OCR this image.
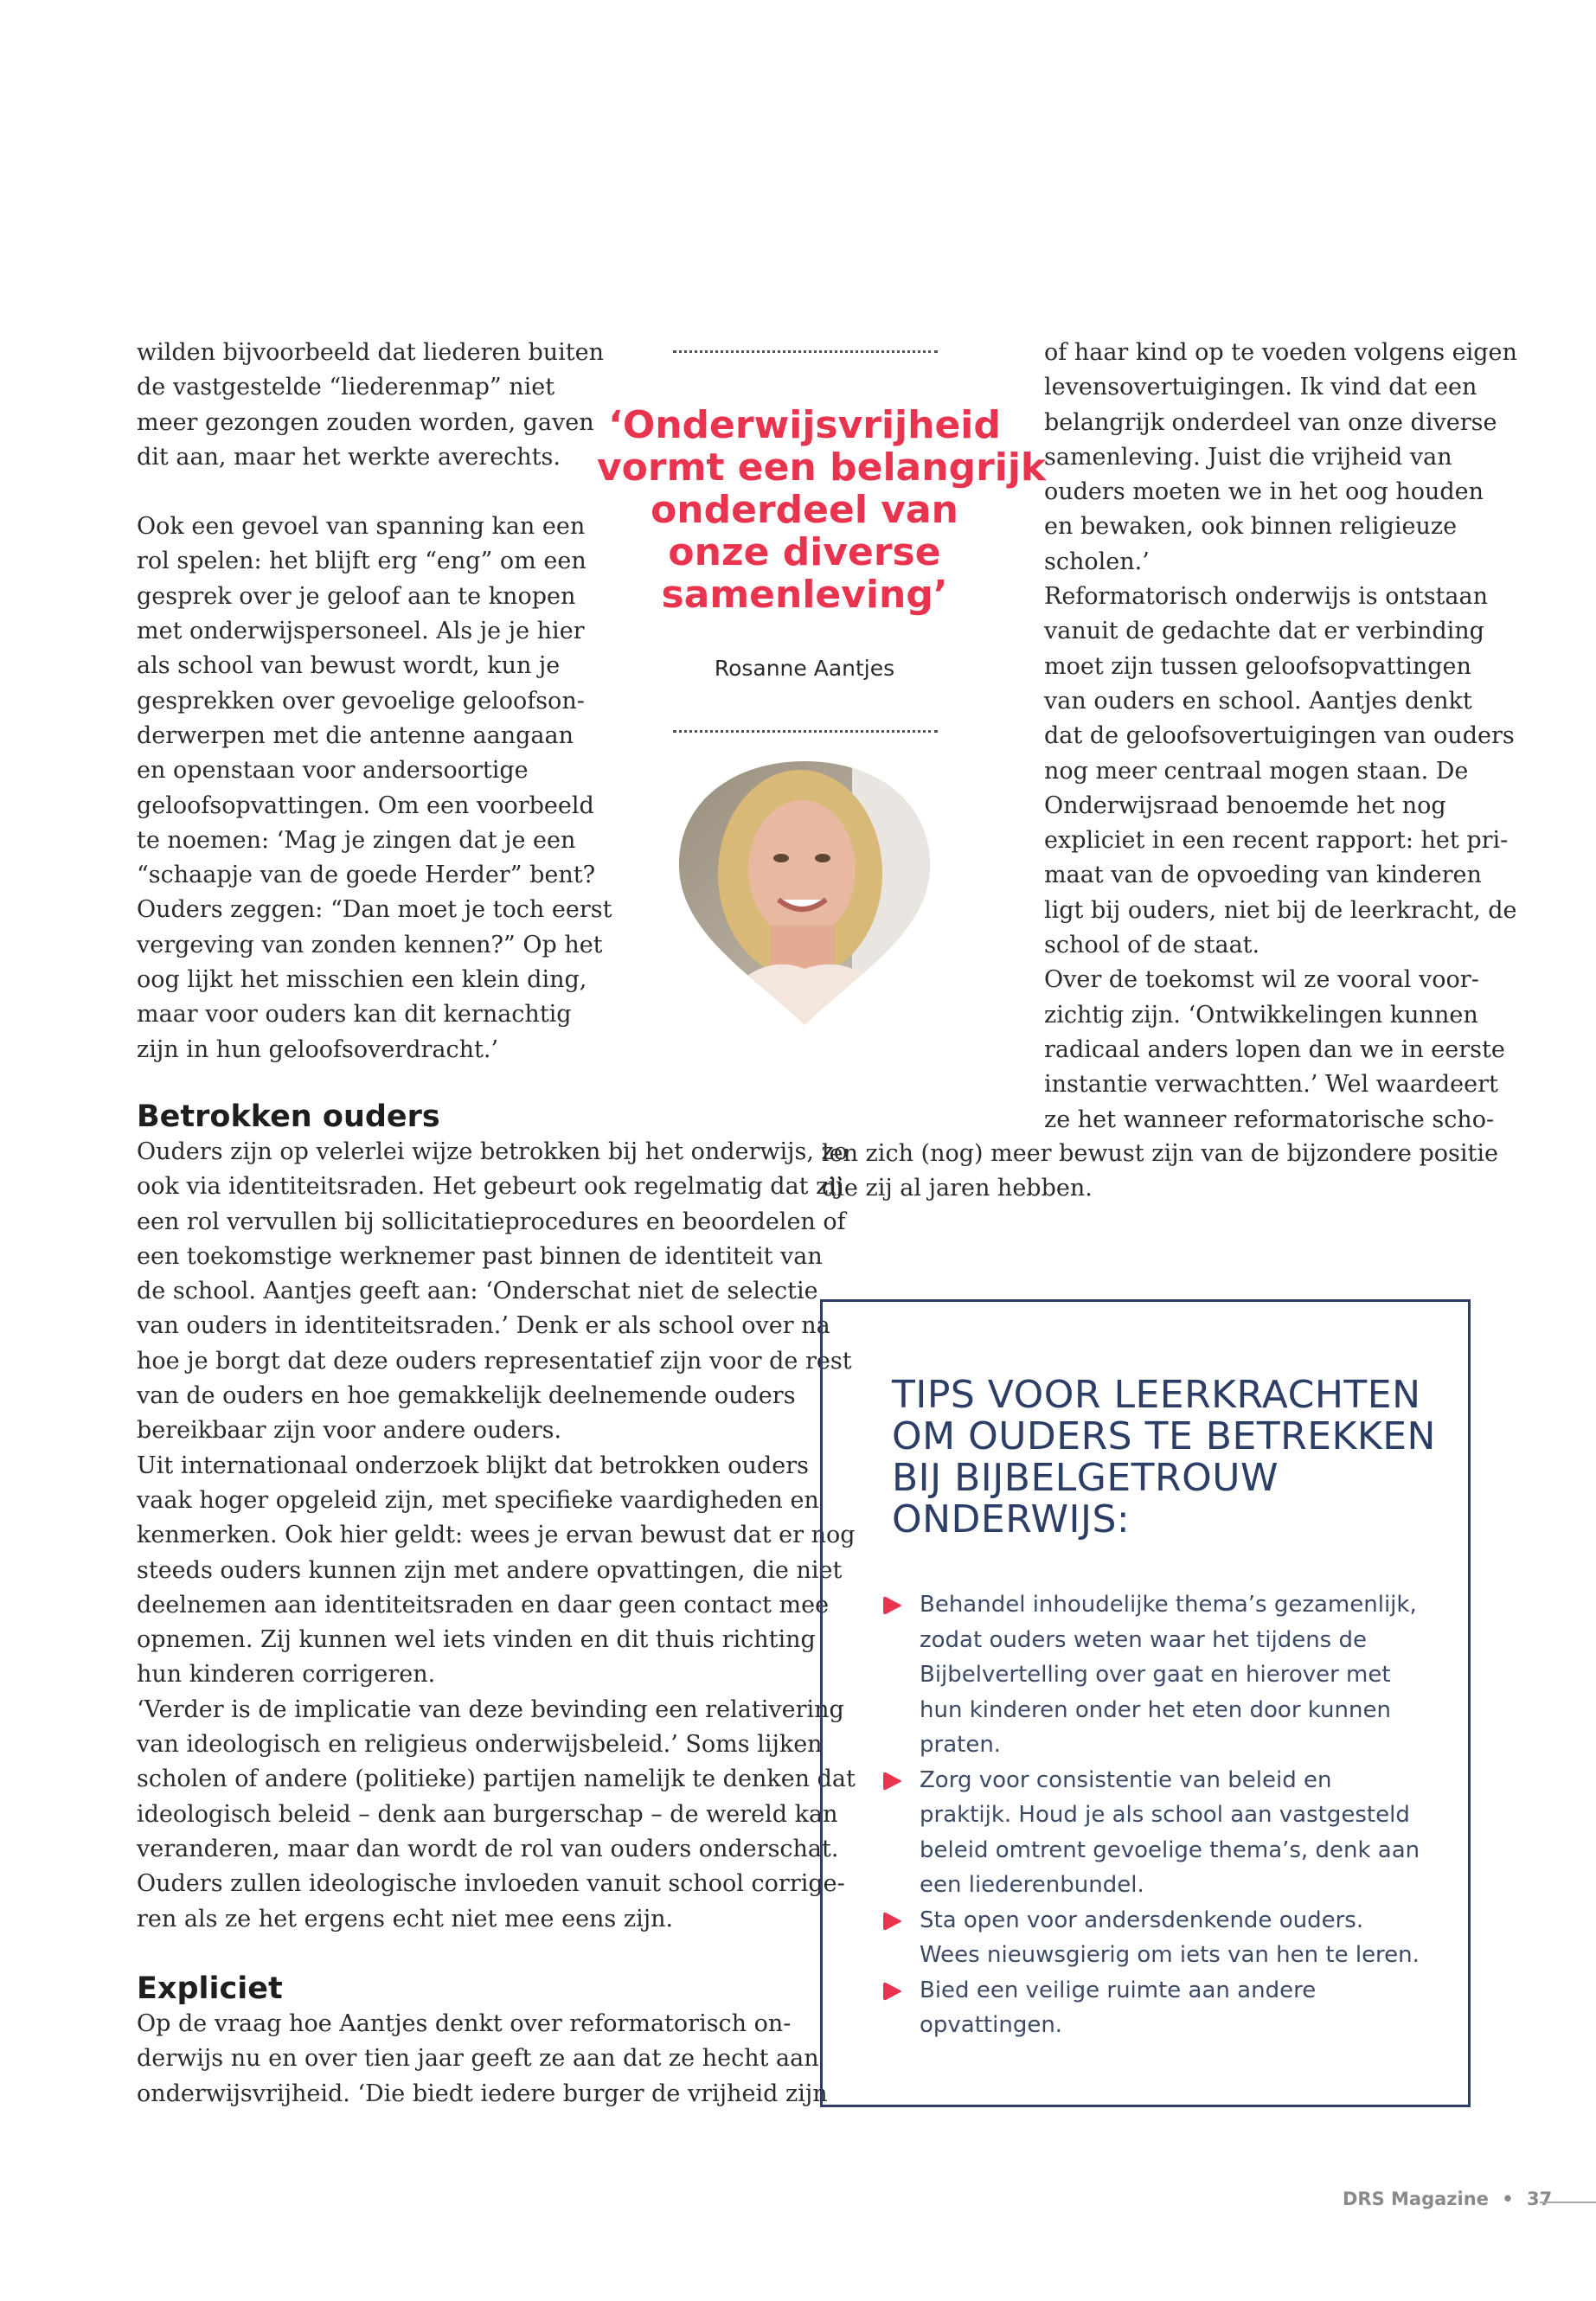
wilden bijvoorbeeld dat liederen buiten
de vastgestelde “liederenmap” niet
meer gezongen zouden worden, gaven
dit aan, maar het werkte averechts.
Ook een gevoel van spanning kan een
rol spelen: het blijft erg “eng” om een
gesprek over je geloof aan te knopen
met onderwijspersoneel. Als je je hier
als school van bewust wordt, kun je
gesprekken over gevoelige geloofson-
derwerpen met die antenne aangaan
en openstaan voor andersoortige
geloofsopvattingen. Om een voorbeeld
te noemen: ‘Mag je zingen dat je een
“schaapje van de goede Herder” bent?
Ouders zeggen: “Dan moet je toch eerst
vergeving van zonden kennen?” Op het
oog lijkt het misschien een klein ding,
maar voor ouders kan dit kernachtig
zijn in hun geloofsoverdracht.’
‘Onderwijsvrijheid
vormt een belangrijk
onderdeel van
onze diverse
samenleving’
Rosanne Aantjes
of haar kind op te voeden volgens eigen
levensovertuigingen. Ik vind dat een
belangrijk onderdeel van onze diverse
samenleving. Juist die vrijheid van
ouders moeten we in het oog houden
en bewaken, ook binnen religieuze
scholen.’
Reformatorisch onderwijs is ontstaan
vanuit de gedachte dat er verbinding
moet zijn tussen geloofsopvattingen
van ouders en school. Aantjes denkt
dat de geloofsovertuigingen van ouders
nog meer centraal mogen staan. De
Onderwijsraad benoemde het nog
expliciet in een recent rapport: het pri-
maat van de opvoeding van kinderen
ligt bij ouders, niet bij de leerkracht, de
school of de staat.
Over de toekomst wil ze vooral voor-
zichtig zijn. ‘Ontwikkelingen kunnen
radicaal anders lopen dan we in eerste
instantie verwachtten.’ Wel waardeert
ze het wanneer reformatorische scho-
len zich (nog) meer bewust zijn van de bijzondere positie
die zij al jaren hebben.
Betrokken ouders
Ouders zijn op velerlei wijze betrokken bij het onderwijs, zo
ook via identiteitsraden. Het gebeurt ook regelmatig dat zij
een rol vervullen bij sollicitatieprocedures en beoordelen of
een toekomstige werknemer past binnen de identiteit van
de school. Aantjes geeft aan: ‘Onderschat niet de selectie
van ouders in identiteitsraden.’ Denk er als school over na
hoe je borgt dat deze ouders representatief zijn voor de rest
van de ouders en hoe gemakkelijk deelnemende ouders
bereikbaar zijn voor andere ouders.
Uit internationaal onderzoek blijkt dat betrokken ouders
vaak hoger opgeleid zijn, met specifieke vaardigheden en
kenmerken. Ook hier geldt: wees je ervan bewust dat er nog
steeds ouders kunnen zijn met andere opvattingen, die niet
deelnemen aan identiteitsraden en daar geen contact mee
opnemen. Zij kunnen wel iets vinden en dit thuis richting
hun kinderen corrigeren.
‘Verder is de implicatie van deze bevinding een relativering
van ideologisch en religieus onderwijsbeleid.’ Soms lijken
scholen of andere (politieke) partijen namelijk te denken dat
ideologisch beleid – denk aan burgerschap – de wereld kan
veranderen, maar dan wordt de rol van ouders onderschat.
Ouders zullen ideologische invloeden vanuit school corrige-
ren als ze het ergens echt niet mee eens zijn.
Expliciet
Op de vraag hoe Aantjes denkt over reformatorisch on-
derwijs nu en over tien jaar geeft ze aan dat ze hecht aan
onderwijsvrijheid. ‘Die biedt iedere burger de vrijheid zijn
TIPS VOOR LEERKRACHTEN
OM OUDERS TE BETREKKEN
BIJ BIJBELGETROUW
ONDERWIJS:
Behandel inhoudelijke thema’s gezamenlijk,
zodat ouders weten waar het tijdens de
Bijbelvertelling over gaat en hierover met
hun kinderen onder het eten door kunnen
praten.
Zorg voor consistentie van beleid en
praktijk. Houd je als school aan vastgesteld
beleid omtrent gevoelige thema’s, denk aan
een liederenbundel.
Sta open voor andersdenkende ouders.
Wees nieuwsgierig om iets van hen te leren.
Bied een veilige ruimte aan andere
opvattingen.
DRS Magazine • 37
